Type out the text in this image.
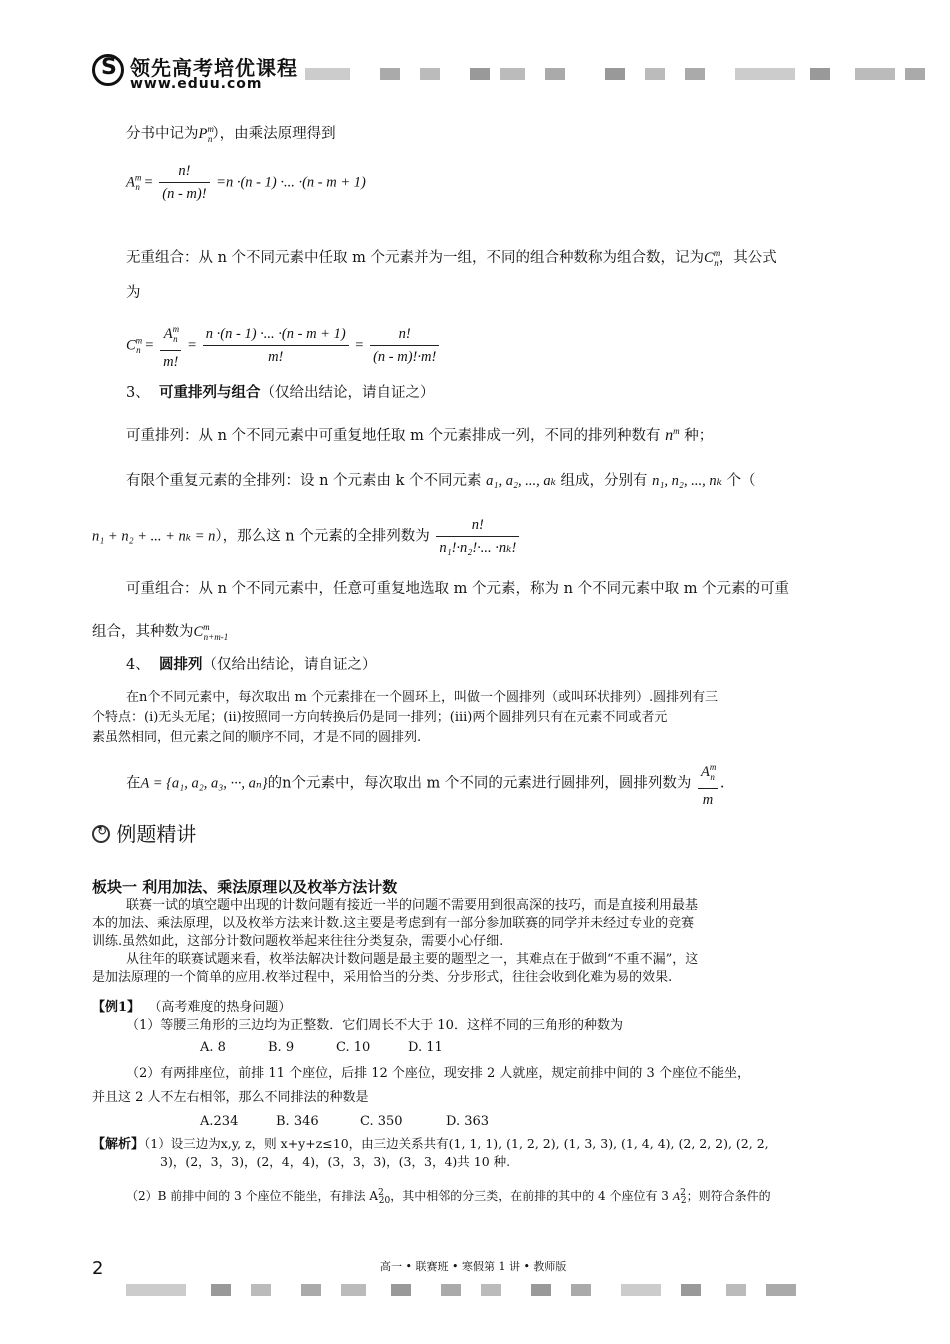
S 领先高考培优课程
www.eduu.com
分书中记为$P^m_n$），由乘法原理得到
$A^m_n = \frac{n!}{(n - m)!} =n \cdot(n - 1)$ ·... ·(n - m + 1)
无重组合：从 n 个不同元素中任取 m 个元素并为一组，不同的组合种数称为组合数，记为$C^m_n$，其公式
为
$C^m_n = \frac{A^m_n}{m!} = \frac{n \cdot(n - 1) \cdot... \cdot(n - m + 1)}{m!} = \frac{n!}{(n - m)!\cdot m!}$
3、 可重排列与组合（仅给出结论，请自证之）
可重排列：从 n 个不同元素中可重复地任取 m 个元素排成一列，不同的排列种数有 $n^m$ 种；
有限个重复元素的全排列：设 n 个元素由 k 个不同元素 a₁, a₂, ..., aₖ 组成，分别有 n₁, n₂, ..., nₖ 个（
n₁ + n₂ + ... + nₖ = n），那么这 n 个元素的全排列数为 $\frac{n!}{\text{n₁!·n₂!·... ·nₖ!}}$
可重组合：从 n 个不同元素中，任意可重复地选取 m 个元素，称为 n 个不同元素中取 m 个元素的可重
组合，其种数为$C^m_{n+m-1}$
4、 圆排列（仅给出结论，请自证之）
在n个不同元素中，每次取出 m 个元素排在一个圆环上，叫做一个圆排列（或叫环状排列）.圆排列有三
个特点：(i)无头无尾；(ii)按照同一方向转换后仍是同一排列；(iii)两个圆排列只有在元素不同或者元
素虽然相同，但元素之间的顺序不同，才是不同的圆排列.
在A = {a₁, a₂, a₃, ···, aₙ}的n个元素中，每次取出 m 个不同的元素进行圆排列，圆排列数为 $\frac{A^m_n}{m}$ .
↻ 例题精讲
板块一 利用加法、乘法原理以及枚举方法计数
联赛一试的填空题中出现的计数问题有接近一半的问题不需要用到很高深的技巧，而是直接利用最基
本的加法、乘法原理，以及枚举方法来计数.这主要是考虑到有一部分参加联赛的同学并未经过专业的竞赛
训练.虽然如此，这部分计数问题枚举起来往往分类复杂，需要小心仔细.
从往年的联赛试题来看，枚举法解决计数问题是最主要的题型之一，其难点在于做到“不重不漏”，这
是加法原理的一个简单的应用.枚举过程中，采用恰当的分类、分步形式，往往会收到化难为易的效果.
【例1】 （高考难度的热身问题）
（1）等腰三角形的三边均为正整数．它们周长不大于 10．这样不同的三角形的种数为
A. 8	B. 9	C. 10	D. 11
（2）有两排座位，前排 11 个座位，后排 12 个座位，现安排 2 人就座，规定前排中间的 3 个座位不能坐，
并且这 2 人不左右相邻，那么不同排法的种数是
A.234	B. 346	C. 350	D. 363
【解析】（1）设三边为x,y, z，则 x+y+z≤10，由三边关系共有(1, 1, 1), (1, 2, 2), (1, 3, 3), (1, 4, 4), (2, 2, 2), (2, 2,
3)，(2，3，3)，(2，4，4)，(3，3，3)，(3，3，4)共 10 种.
（2）B 前排中间的 3 个座位不能坐，有排法 $A^2_{20}$，其中相邻的分三类，在前排的其中的 4 个座位有 3 $A^2_2$；则符合条件的
2	高一 • 联赛班 • 寒假第 1 讲 • 教师版
